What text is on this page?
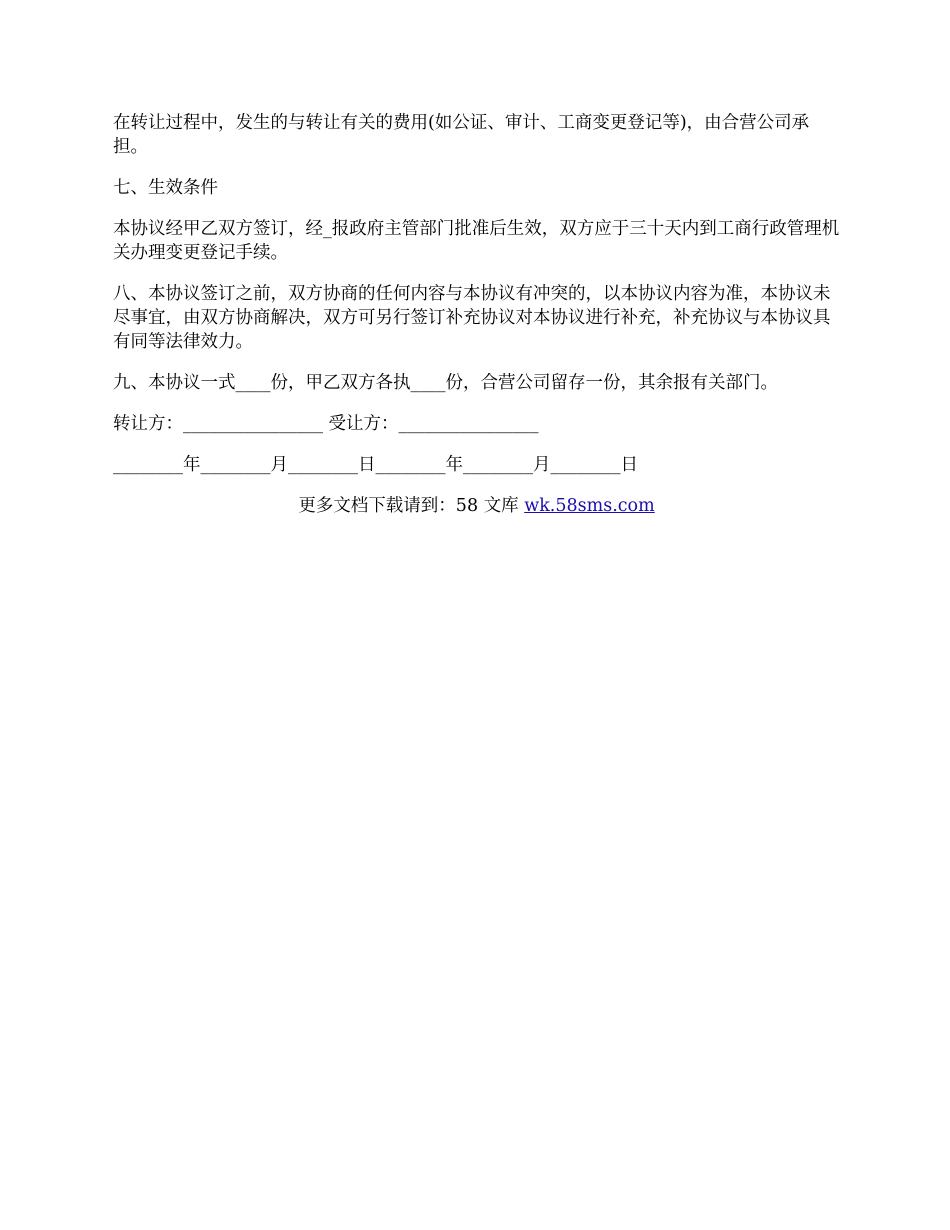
在转让过程中，发生的与转让有关的费用(如公证、审计、工商变更登记等)，由合营公司承担。

七、生效条件

本协议经甲乙双方签订，经_报政府主管部门批准后生效，双方应于三十天内到工商行政管理机关办理变更登记手续。

八、本协议签订之前，双方协商的任何内容与本协议有冲突的，以本协议内容为准，本协议未尽事宜，由双方协商解决，双方可另行签订补充协议对本协议进行补充，补充协议与本协议具有同等法律效力。

九、本协议一式____份，甲乙双方各执____份，合营公司留存一份，其余报有关部门。

转让方：________________ 受让方：________________

________年________月________日________年________月________日

更多文档下载请到：58 文库 wk.58sms.com
